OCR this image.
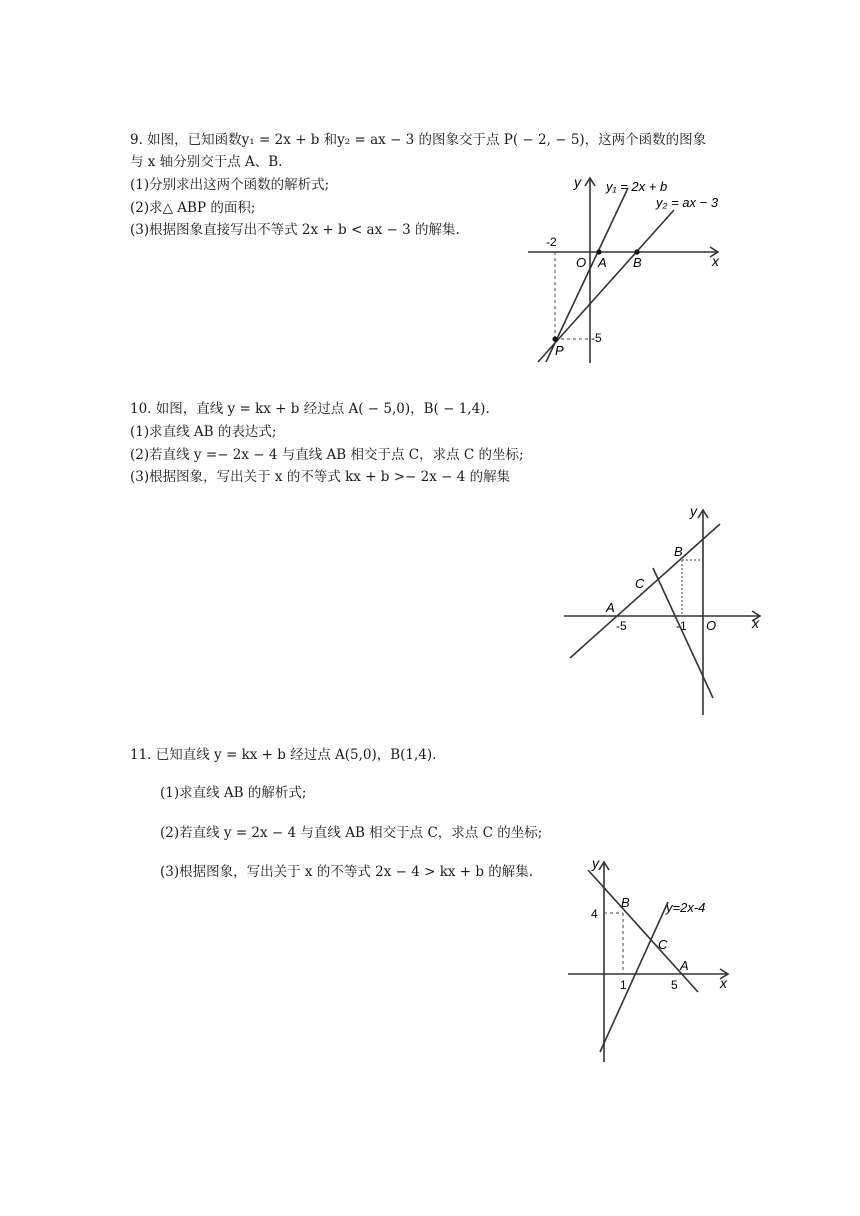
9. 如图，已知函数y₁ = 2x + b 和y₂ = ax − 3 的图象交于点 P( − 2, − 5)，这两个函数的图象
与 x 轴分别交于点 A、B.
(1)分别求出这两个函数的解析式;
(2)求△ ABP 的面积;
(3)根据图象直接写出不等式 2x + b < ax − 3 的解集.
y
x
O A B
P
-2
-5
y₁ = 2x + b
y₂ = ax − 3
10. 如图，直线 y = kx + b 经过点 A( − 5,0)，B( − 1,4).
(1)求直线 AB 的表达式;
(2)若直线 y =− 2x − 4 与直线 AB 相交于点 C，求点 C 的坐标;
(3)根据图象，写出关于 x 的不等式 kx + b >− 2x − 4 的解集
y
x
O
A
B
C
-5	-1
11. 已知直线 y = kx + b 经过点 A(5,0)，B(1,4).
(1)求直线 AB 的解析式;
(2)若直线 y = 2x − 4 与直线 AB 相交于点 C，求点 C 的坐标;
(3)根据图象，写出关于 x 的不等式 2x − 4 > kx + b 的解集.
y
x
4
1	5
B
C
A
y=2x-4
